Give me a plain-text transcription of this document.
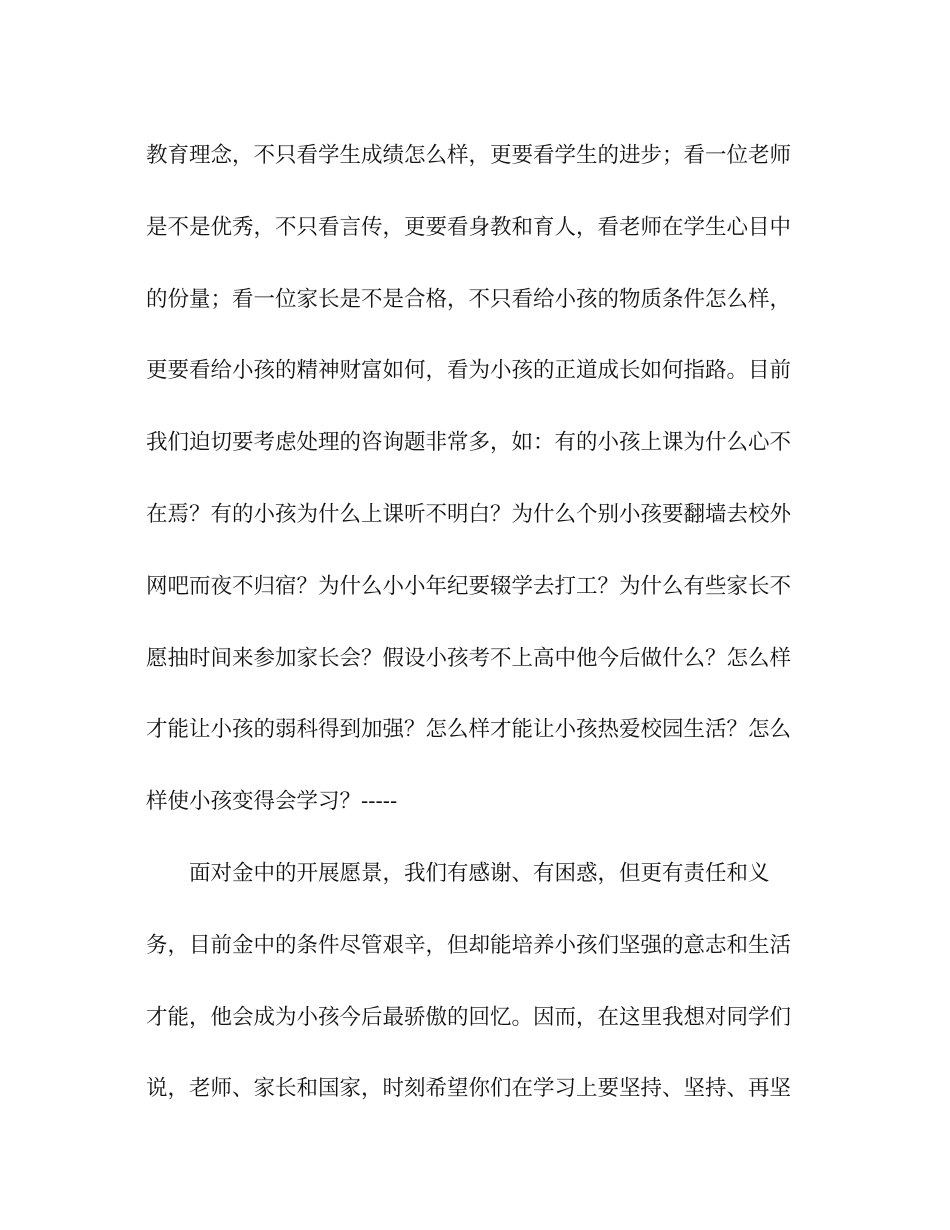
教育理念，不只看学生成绩怎么样，更要看学生的进步；看一位老师
是不是优秀，不只看言传，更要看身教和育人，看老师在学生心目中
的份量；看一位家长是不是合格，不只看给小孩的物质条件怎么样，
更要看给小孩的精神财富如何，看为小孩的正道成长如何指路。目前
我们迫切要考虑处理的咨询题非常多，如：有的小孩上课为什么心不
在焉？有的小孩为什么上课听不明白？为什么个别小孩要翻墙去校外
网吧而夜不归宿？为什么小小年纪要辍学去打工？为什么有些家长不
愿抽时间来参加家长会？假设小孩考不上高中他今后做什么？怎么样
才能让小孩的弱科得到加强？怎么样才能让小孩热爱校园生活？怎么
样使小孩变得会学习？-----
面对金中的开展愿景，我们有感谢、有困惑，但更有责任和义
务，目前金中的条件尽管艰辛，但却能培养小孩们坚强的意志和生活
才能，他会成为小孩今后最骄傲的回忆。因而，在这里我想对同学们
说，老师、家长和国家，时刻希望你们在学习上要坚持、坚持、再坚
